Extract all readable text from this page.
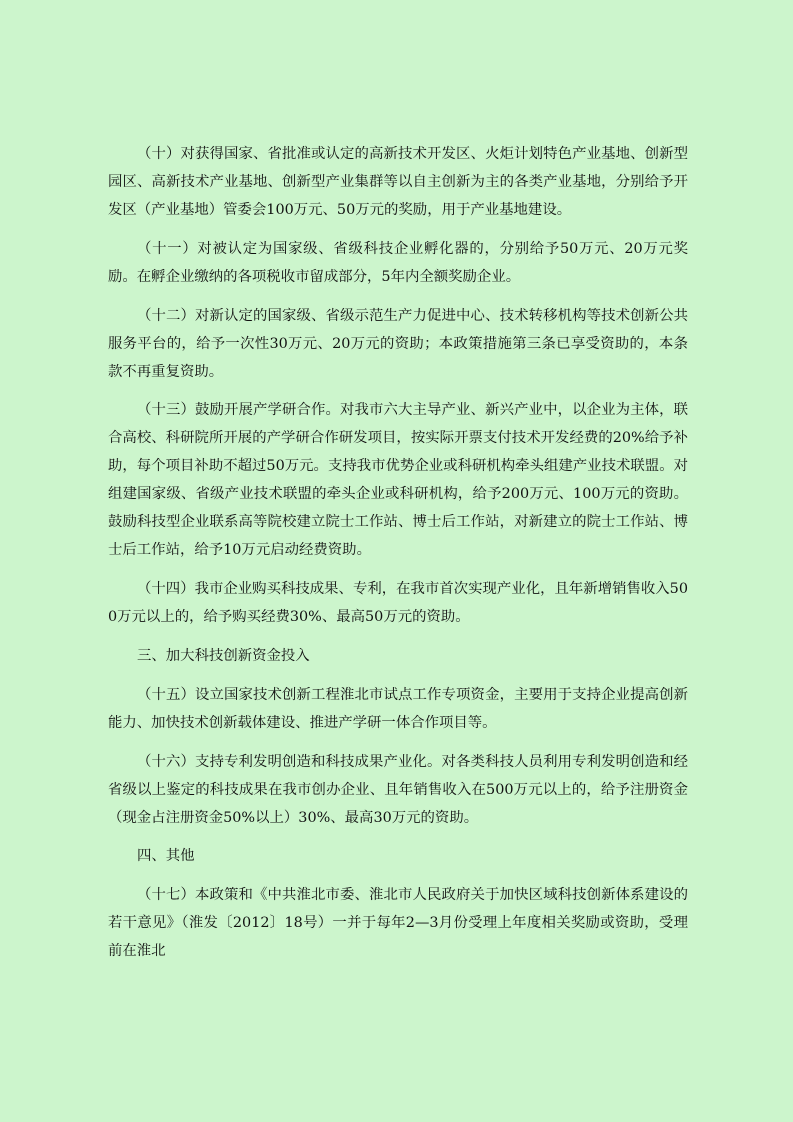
（十）对获得国家、省批准或认定的高新技术开发区、火炬计划特色产业基地、创新型园区、高新技术产业基地、创新型产业集群等以自主创新为主的各类产业基地，分别给予开发区（产业基地）管委会100万元、50万元的奖励，用于产业基地建设。

（十一）对被认定为国家级、省级科技企业孵化器的，分别给予50万元、20万元奖励。在孵企业缴纳的各项税收市留成部分，5年内全额奖励企业。

（十二）对新认定的国家级、省级示范生产力促进中心、技术转移机构等技术创新公共服务平台的，给予一次性30万元、20万元的资助；本政策措施第三条已享受资助的，本条款不再重复资助。

（十三）鼓励开展产学研合作。对我市六大主导产业、新兴产业中，以企业为主体，联合高校、科研院所开展的产学研合作研发项目，按实际开票支付技术开发经费的20%给予补助，每个项目补助不超过50万元。支持我市优势企业或科研机构牵头组建产业技术联盟。对组建国家级、省级产业技术联盟的牵头企业或科研机构，给予200万元、100万元的资助。鼓励科技型企业联系高等院校建立院士工作站、博士后工作站，对新建立的院士工作站、博士后工作站，给予10万元启动经费资助。

（十四）我市企业购买科技成果、专利，在我市首次实现产业化，且年新增销售收入500万元以上的，给予购买经费30%、最高50万元的资助。

三、加大科技创新资金投入

（十五）设立国家技术创新工程淮北市试点工作专项资金，主要用于支持企业提高创新能力、加快技术创新载体建设、推进产学研一体合作项目等。

（十六）支持专利发明创造和科技成果产业化。对各类科技人员利用专利发明创造和经省级以上鉴定的科技成果在我市创办企业、且年销售收入在500万元以上的，给予注册资金（现金占注册资金50%以上）30%、最高30万元的资助。

四、其他

（十七）本政策和《中共淮北市委、淮北市人民政府关于加快区域科技创新体系建设的若干意见》（淮发〔2012〕18号）一并于每年2—3月份受理上年度相关奖励或资助，受理前在淮北
